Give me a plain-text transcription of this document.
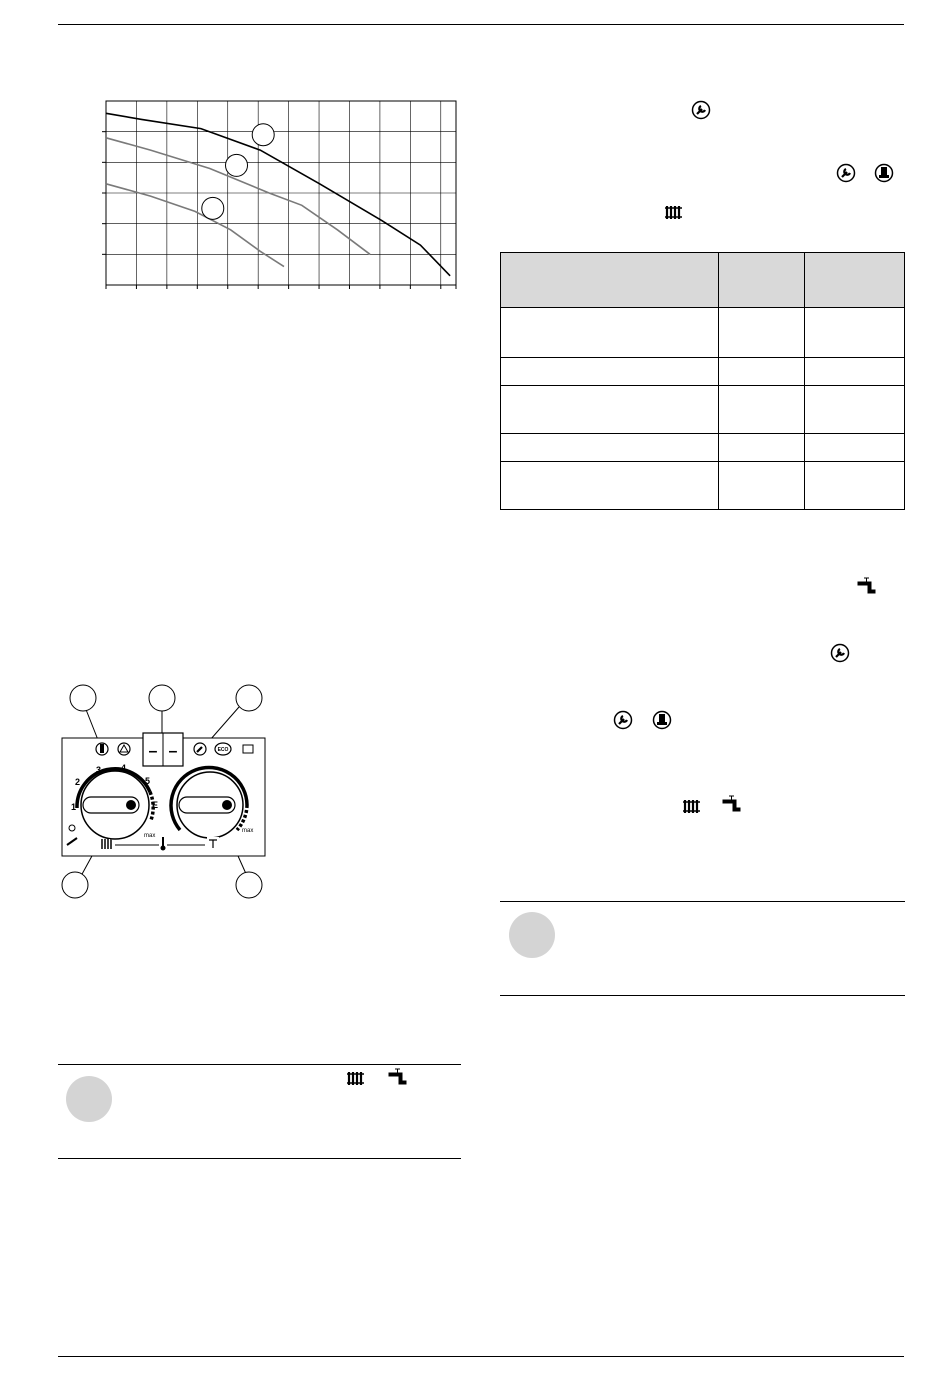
– –	ECO
1
2
3 4
5
E
max
max
